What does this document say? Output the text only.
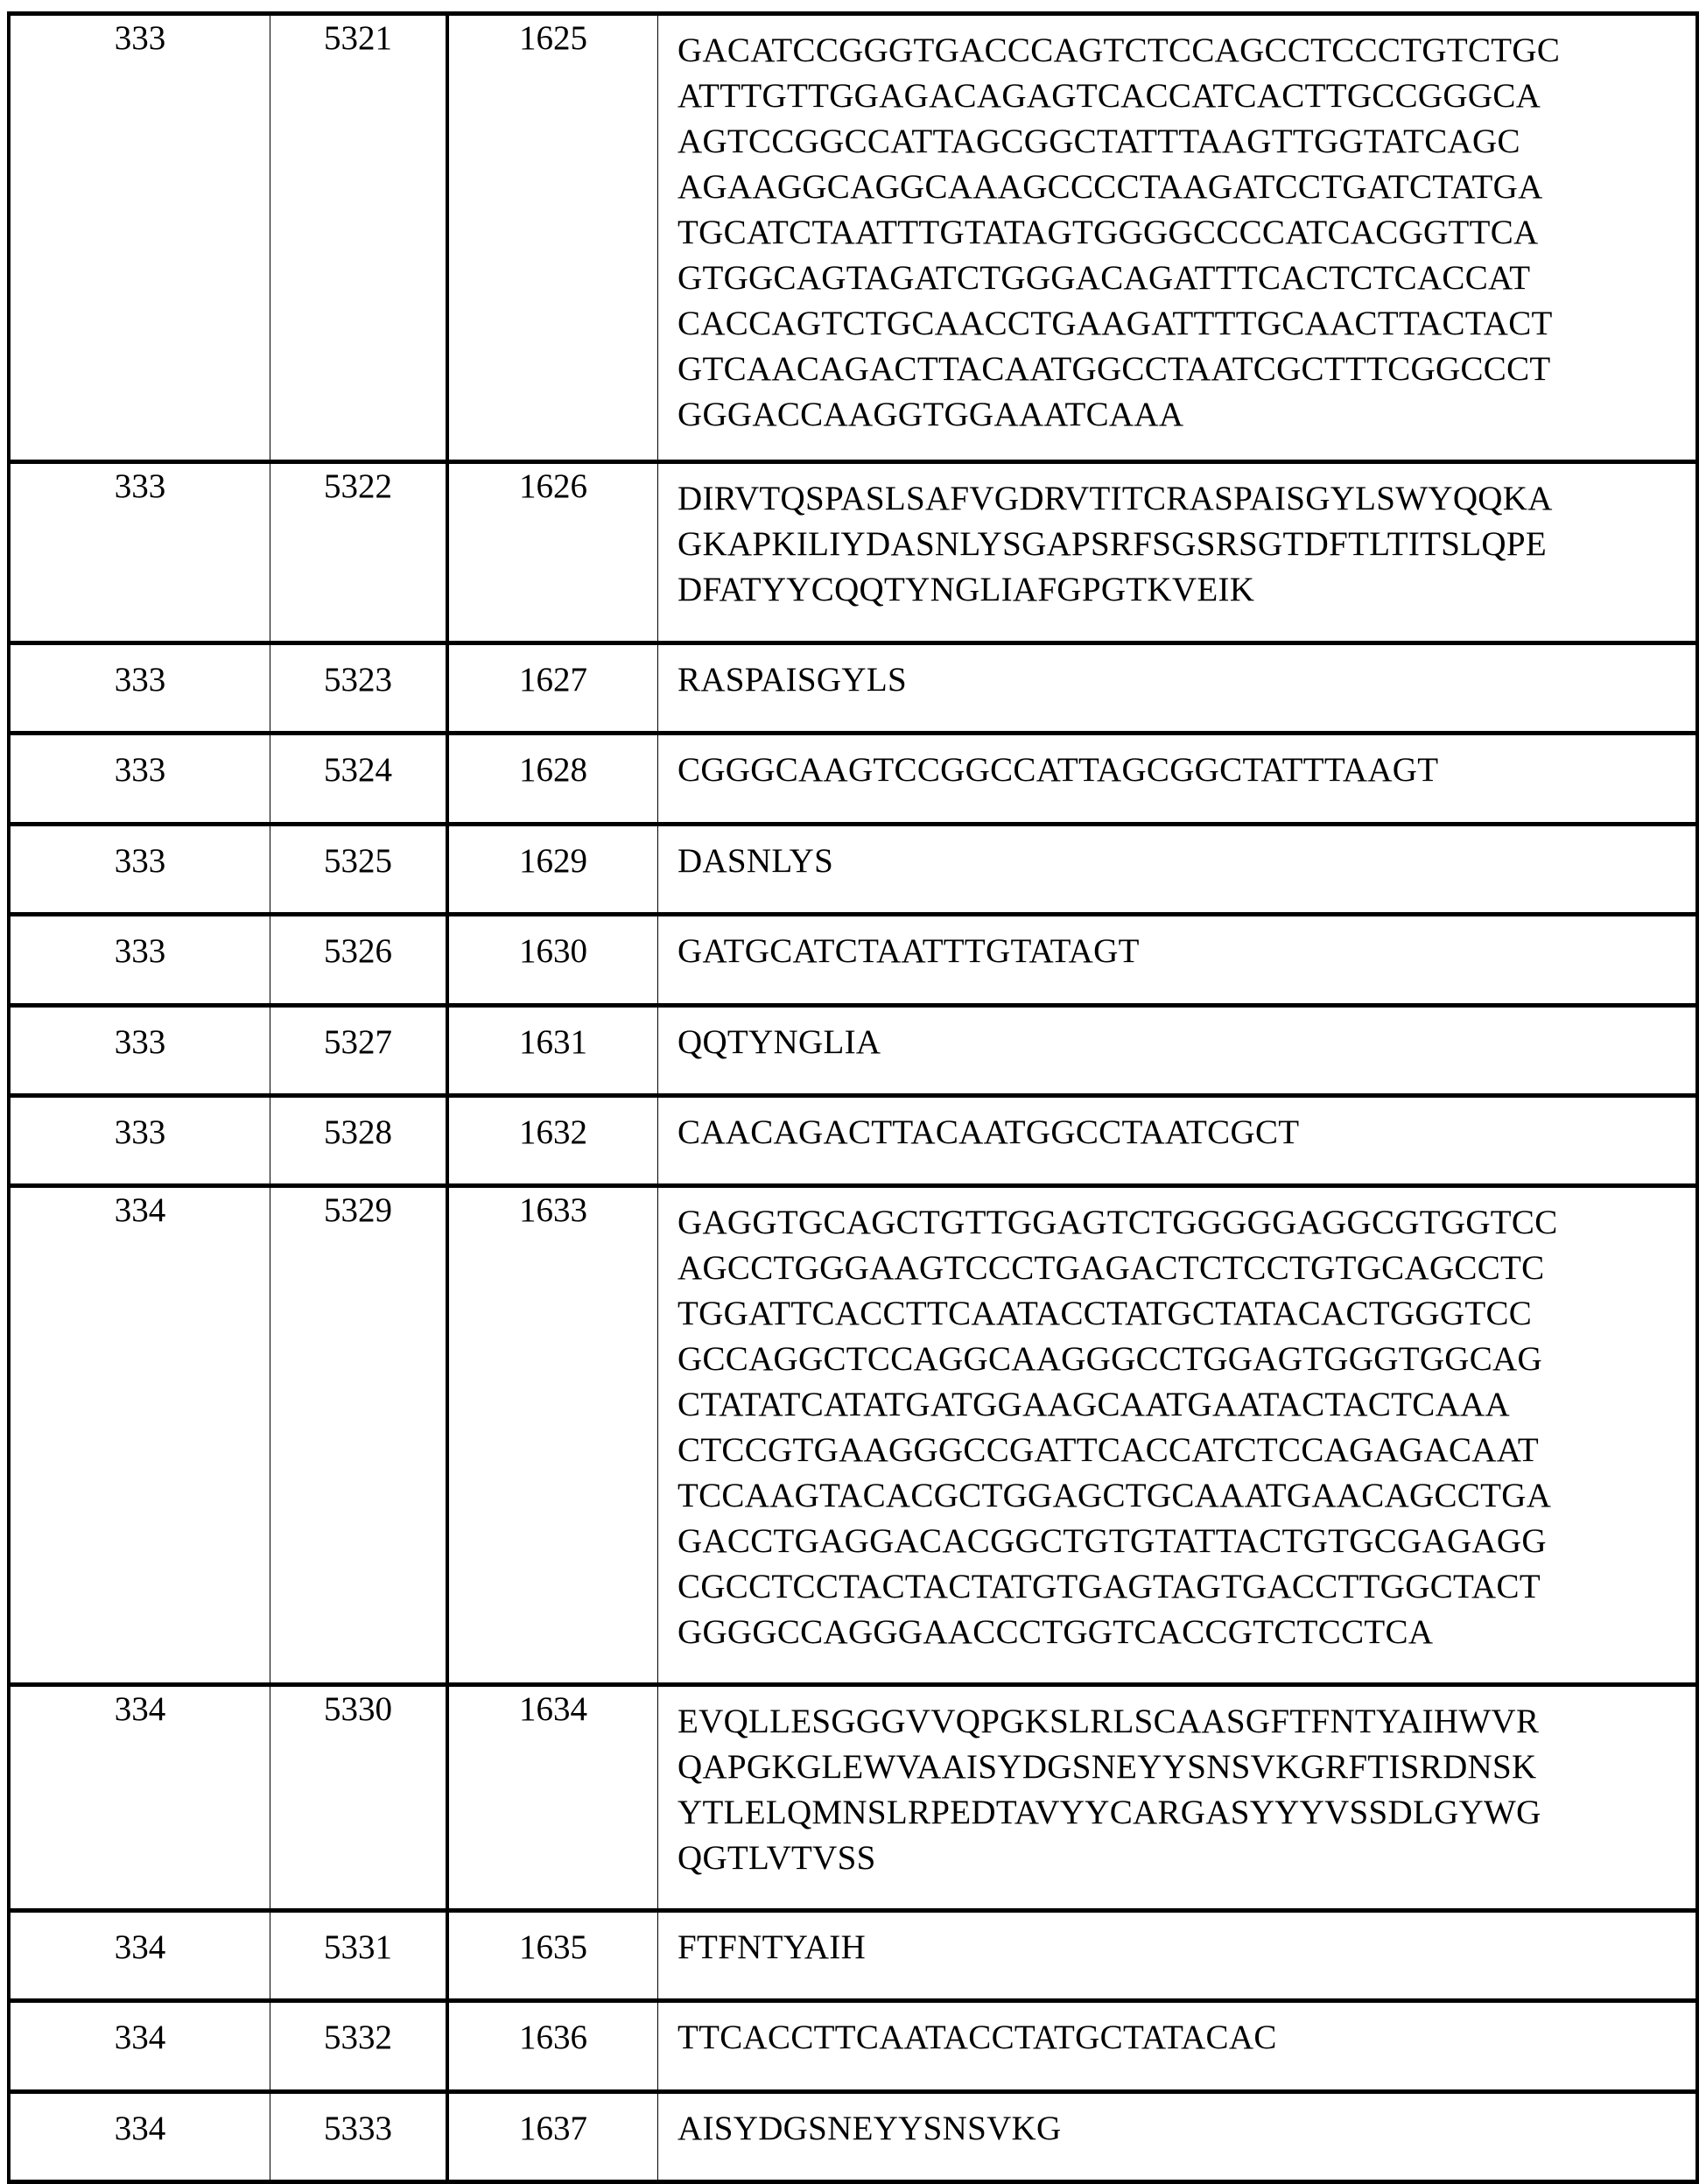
333	5321	1625	GACATCCGGGTGACCCAGTCTCCAGCCTCCCTGTCTGC
ATTTGTTGGAGACAGAGTCACCATCACTTGCCGGGCA
AGTCCGGCCATTAGCGGCTATTTAAGTTGGTATCAGC
AGAAGGCAGGCAAAGCCCCTAAGATCCTGATCTATGA
TGCATCTAATTTGTATAGTGGGGCCCCATCACGGTTCA
GTGGCAGTAGATCTGGGACAGATTTCACTCTCACCAT
CACCAGTCTGCAACCTGAAGATTTTGCAACTTACTACT
GTCAACAGACTTACAATGGCCTAATCGCTTTCGGCCCT
GGGACCAAGGTGGAAATCAAA

333	5322	1626	DIRVTQSPASLSAFVGDRVTITCRASPAISGYLSWYQQKA
GKAPKILIYDASNLYSGAPSRFSGSRSGTDFTLTITSLQPE
DFATYYCQQTYNGLIAFGPGTKVEIK

333	5323	1627	RASPAISGYLS

333	5324	1628	CGGGCAAGTCCGGCCATTAGCGGCTATTTAAGT

333	5325	1629	DASNLYS

333	5326	1630	GATGCATCTAATTTGTATAGT

333	5327	1631	QQTYNGLIA

333	5328	1632	CAACAGACTTACAATGGCCTAATCGCT

334	5329	1633	GAGGTGCAGCTGTTGGAGTCTGGGGGAGGCGTGGTCC
AGCCTGGGAAGTCCCTGAGACTCTCCTGTGCAGCCTC
TGGATTCACCTTCAATACCTATGCTATACACTGGGTCC
GCCAGGCTCCAGGCAAGGGCCTGGAGTGGGTGGCAG
CTATATCATATGATGGAAGCAATGAATACTACTCAAA
CTCCGTGAAGGGCCGATTCACCATCTCCAGAGACAAT
TCCAAGTACACGCTGGAGCTGCAAATGAACAGCCTGA
GACCTGAGGACACGGCTGTGTATTACTGTGCGAGAGG
CGCCTCCTACTACTATGTGAGTAGTGACCTTGGCTACT
GGGGCCAGGGAACCCTGGTCACCGTCTCCTCA

334	5330	1634	EVQLLESGGGVVQPGKSLRLSCAASGFTFNTYAIHWVR
QAPGKGLEWVAAISYDGSNEYYSNSVKGRFTISRDNSK
YTLELQMNSLRPEDTAVYYCARGASYYYVSSDLGYWG
QGTLVTVSS

334	5331	1635	FTFNTYAIH

334	5332	1636	TTCACCTTCAATACCTATGCTATACAC

334	5333	1637	AISYDGSNEYYSNSVKG
